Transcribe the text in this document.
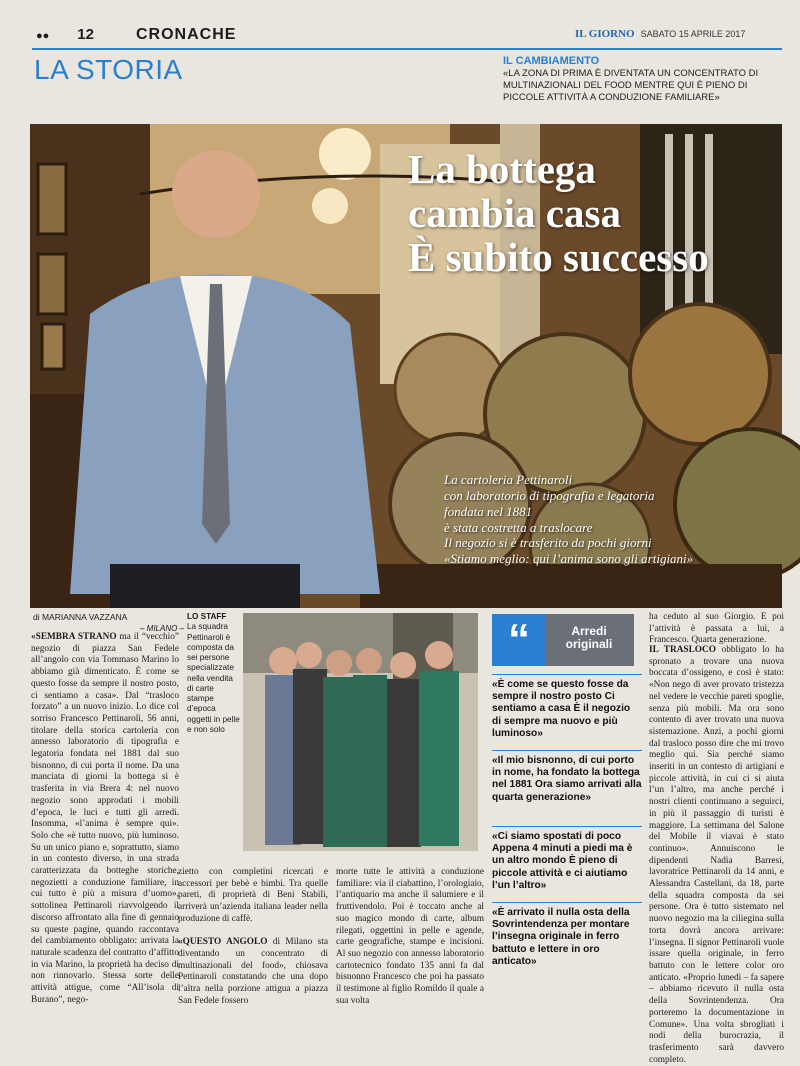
●● 12	CRONACHE	IL GIORNO SABATO 15 APRILE 2017
LA STORIA	IL CAMBIAMENTO
«LA ZONA DI PRIMA È DIVENTATA UN CONCENTRATO DI MULTINAZIONALI DEL FOOD MENTRE QUI È PIENO DI PICCOLE ATTIVITÀ A CONDUZIONE FAMILIARE»
La bottega
cambia casa
È subito successo
La cartoleria Pettinaroli
con laboratorio di tipografia e legatoria
fondata nel 1881
è stata costretta a traslocare
Il negozio si è trasferito da pochi giorni
«Stiamo meglio: qui l’anima sono gli artigiani»
di MARIANNA VAZZANA
– MILANO –
«SEMBRA STRANO ma il “vecchio” negozio di piazza San Fedele all’angolo con via Tommaso Marino lo abbiamo già dimenticato. È come se questo fosse da sempre il nostro posto, ci sentiamo a casa». Dal “trasloco forzato” a un nuovo inizio. Lo dice col sorriso Francesco Pettinaroli, 56 anni, titolare della storica cartoleria con annesso laboratorio di tipografia e legatoria fondata nel 1881 dal suo bisnonno, di cui porta il nome. Da una manciata di giorni la bottega si è trasferita in via Brera 4: nel nuovo negozio sono approdati i mobili d’epoca, le luci e tutti gli arredi. Insomma, «l’anima è sempre qui». Solo che «è tutto nuovo, più luminoso. Su un unico piano e, soprattutto, siamo in un contesto diverso, in una strada caratterizzata da botteghe storiche, negozietti a conduzione familiare, in cui tutto è più a misura d’uomo», sottolinea Pettinaroli riavvolgendo il discorso affrontato alla fine di gennaio su queste pagine, quando raccontava del cambiamento obbligato: arrivata la naturale scadenza del contratto d’affitto in via Marino, la proprietà ha deciso di non rinnovarlo. Stessa sorte delle attività attigue, come “All’isola di Burano”, nego-
LO STAFF
La squadra Pettinaroli è composta da sei persone specializzate nella vendita di carte stampe d’epoca oggetti in pelle e non solo
zietto con completini ricercati e accessori per bebè e bimbi. Tra quelle pareti, di proprietà di Beni Stabili, arriverà un’azienda italiana leader nella produzione di caffè.

«QUESTO ANGOLO di Milano sta diventando un concentrato di multinazionali del food», chiosava Pettinaroli constatando che una dopo l’altra nella porzione attigua a piazza San Fedele fossero
morte tutte le attività a conduzione familiare: via il ciabattino, l’orologiaio, l’antiquario ma anche il salumiere e il fruttivendolo. Poi è toccato anche al suo magico mondo di carte, album rilegati, oggettini in pelle e agende, carte geografiche, stampe e incisioni. Al suo negozio con annesso laboratorio cartotecnico fondato 135 anni fa dal bisnonno Francesco che poi ha passato il testimone al figlio Romildo il quale a sua volta
“	Arredi originali
«È come se questo fosse da sempre il nostro posto Ci sentiamo a casa È il negozio di sempre ma nuovo e più luminoso»
«Il mio bisnonno, di cui porto in nome, ha fondato la bottega nel 1881 Ora siamo arrivati alla quarta generazione»
«Ci siamo spostati di poco Appena 4 minuti a piedi ma è un altro mondo È pieno di piccole attività e ci aiutiamo l’un l’altro»
«È arrivato il nulla osta della Sovrintendenza per montare l’insegna originale in ferro battuto e lettere in oro anticato»
ha ceduto al suo Giorgio. E poi l’attività è passata a lui, a Francesco. Quarta generazione.
IL TRASLOCO obbligato lo ha spronato a trovare una nuova boccata d’ossigeno, e così è stato: «Non nego di aver provato tristezza nel vedere le vecchie pareti spoglie, senza più mobili. Ma ora sono contento di aver trovato una nuova sistemazione. Anzi, a pochi giorni dal trasloco posso dire che mi trovo meglio qui. Sia perché siamo inseriti in un contesto di artigiani e piccole attività, in cui ci si aiuta l’un l’altro, ma anche perché i nostri clienti continuano a seguirci, in più il passaggio di turisti è maggiore. La settimana del Salone del Mobile il viavai è stato continuo». Annuiscono le dipendenti Nadia Barresi, lavoratrice Pettinaroli da 14 anni, e Alessandra Castellani, da 18, parte della squadra composta da sei persone. Ora è tutto sistemato nel nuovo negozio ma la ciliegina sulla torta dovrà ancora arrivare: l’insegna. Il signor Pettinaroli vuole issare quella originale, in ferro battuto con le lettere color oro anticato. «Proprio lunedì – fa sapere – abbiamo ricevuto il nulla osta della Sovrintendenza. Ora porteremo la documentazione in Comune». Una volta sbrogliati i nodi della burocrazia, il trasferimento sarà davvero completo.
